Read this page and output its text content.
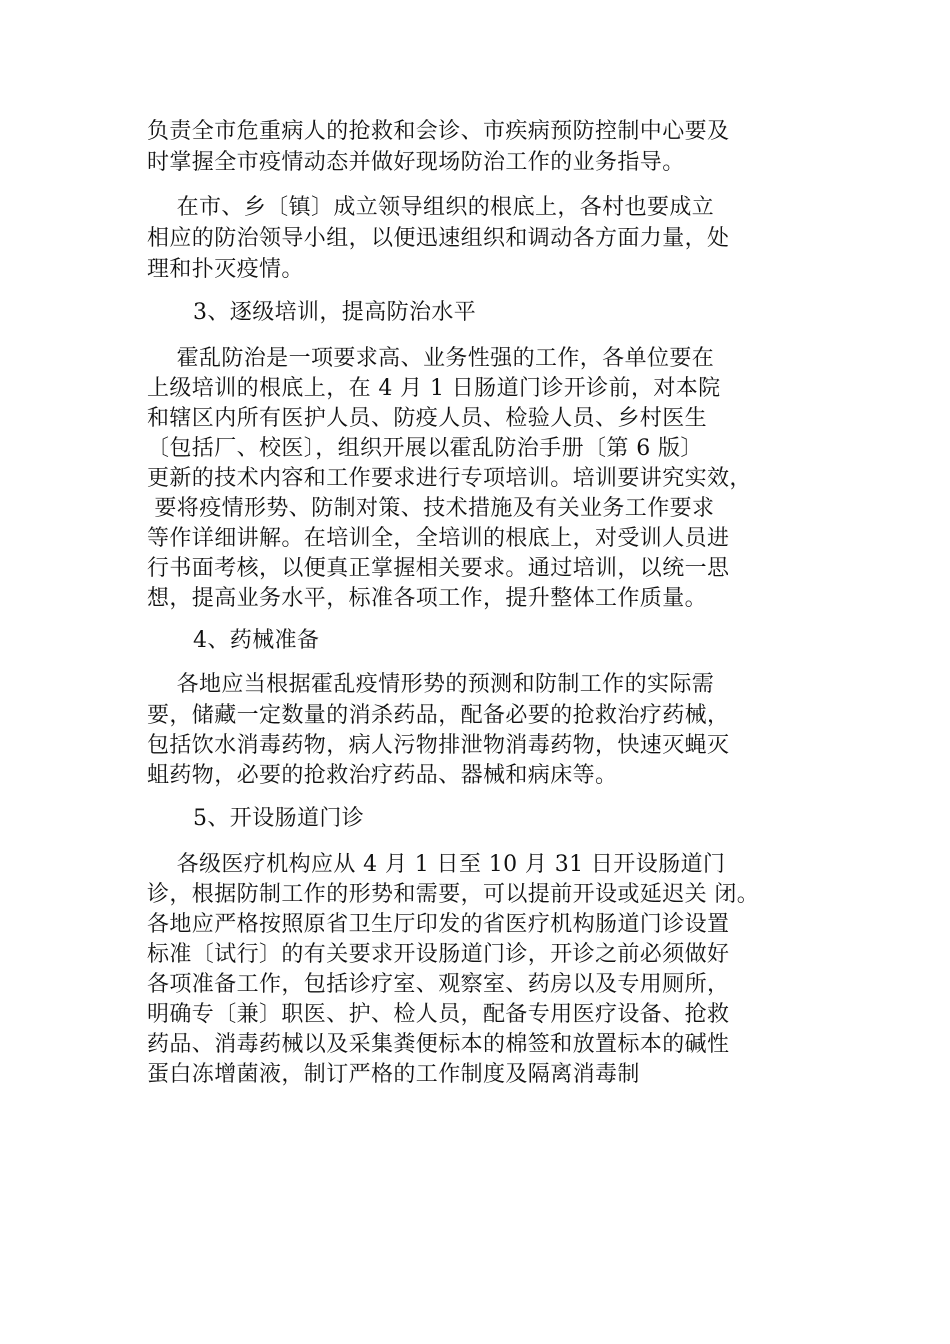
负责全市危重病人的抢救和会诊、市疾病预防控制中心要及
时掌握全市疫情动态并做好现场防治工作的业务指导。
在市、乡〔镇〕成立领导组织的根底上，各村也要成立
相应的防治领导小组，以便迅速组织和调动各方面力量，处
理和扑灭疫情。
3、逐级培训，提高防治水平
霍乱防治是一项要求高、业务性强的工作，各单位要在
上级培训的根底上，在 4 月 1 日肠道门诊开诊前，对本院
和辖区内所有医护人员、防疫人员、检验人员、乡村医生
〔包括厂、校医〕，组织开展以霍乱防治手册〔第 6 版〕
更新的技术内容和工作要求进行专项培训。培训要讲究实效，
要将疫情形势、防制对策、技术措施及有关业务工作要求
等作详细讲解。在培训全，全培训的根底上，对受训人员进
行书面考核，以便真正掌握相关要求。通过培训，以统一思
想，提高业务水平，标准各项工作，提升整体工作质量。
4、药械准备
各地应当根据霍乱疫情形势的预测和防制工作的实际需
要，储藏一定数量的消杀药品，配备必要的抢救治疗药械，
包括饮水消毒药物，病人污物排泄物消毒药物，快速灭蝇灭
蛆药物，必要的抢救治疗药品、器械和病床等。
5、开设肠道门诊
各级医疗机构应从 4 月 1 日至 10 月 31 日开设肠道门
诊，根据防制工作的形势和需要，可以提前开设或延迟关 闭。
各地应严格按照原省卫生厅印发的省医疗机构肠道门诊设置
标准〔试行〕的有关要求开设肠道门诊，开诊之前必须做好
各项准备工作，包括诊疗室、观察室、药房以及专用厕所，
明确专〔兼〕职医、护、检人员，配备专用医疗设备、抢救
药品、消毒药械以及采集粪便标本的棉签和放置标本的碱性
蛋白冻增菌液，制订严格的工作制度及隔离消毒制
